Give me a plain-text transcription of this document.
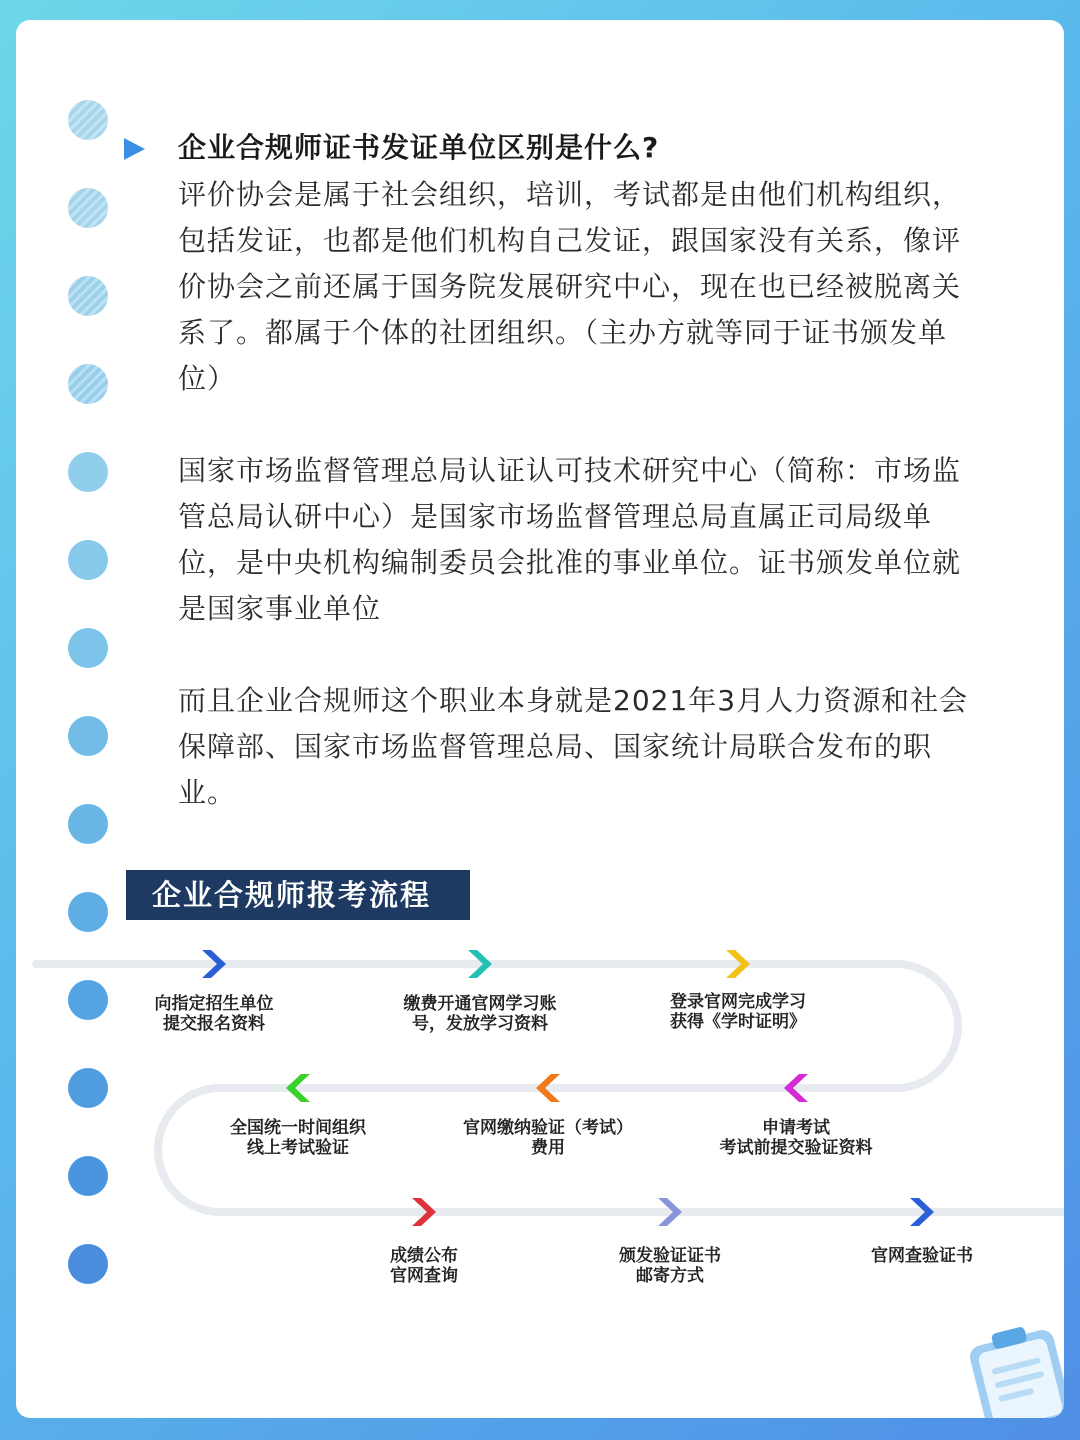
企业合规师证书发证单位区别是什么?
评价协会是属于社会组织，培训，考试都是由他们机构组织，
包括发证，也都是他们机构自己发证，跟国家没有关系，像评
价协会之前还属于国务院发展研究中心，现在也已经被脱离关
系了。都属于个体的社团组织。（主办方就等同于证书颁发单
位）
国家市场监督管理总局认证认可技术研究中心（简称：市场监
管总局认研中心）是国家市场监督管理总局直属正司局级单
位，是中央机构编制委员会批准的事业单位。证书颁发单位就
是国家事业单位
而且企业合规师这个职业本身就是2021年3月人力资源和社会
保障部、国家市场监督管理总局、国家统计局联合发布的职
业。
企业合规师报考流程
向指定招生单位
提交报名资料
缴费开通官网学习账
号，发放学习资料
登录官网完成学习
获得《学时证明》
申请考试
考试前提交验证资料
官网缴纳验证（考试）
费用
全国统一时间组织
线上考试验证
成绩公布
官网查询
颁发验证证书
邮寄方式
官网查验证书
